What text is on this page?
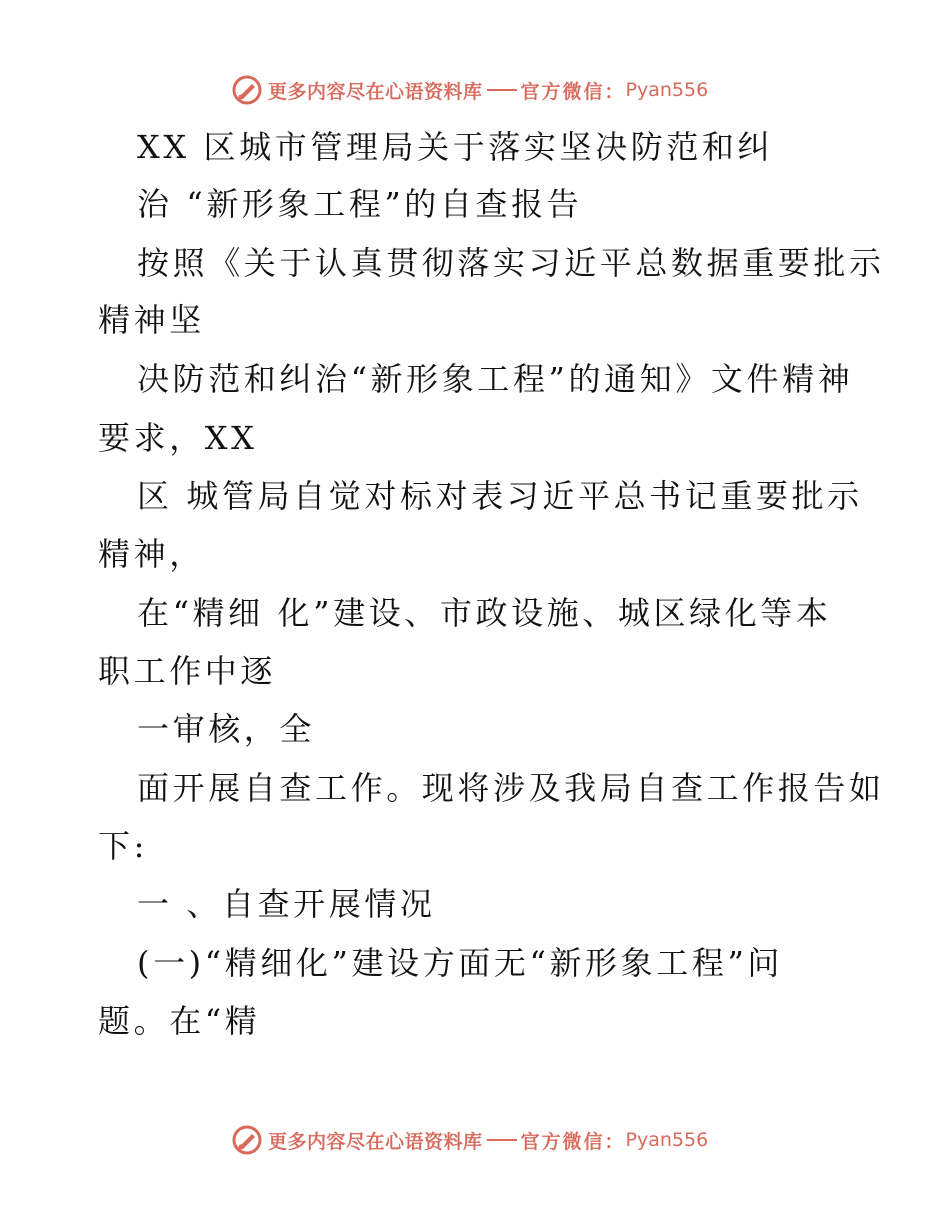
更多内容尽在心语资料库 官方微信： Pyan556
XX 区城市管理局关于落实坚决防范和纠
治 “新形象工程”的自查报告
按照《关于认真贯彻落实习近平总数据重要批示
精神坚
决防范和纠治“新形象工程”的通知》文件精神
要求，XX
区 城管局自觉对标对表习近平总书记重要批示
精神，
在“精细 化”建设、市政设施、城区绿化等本
职工作中逐
一审核，全
面开展自查工作。现将涉及我局自查工作报告如
下:
一 、自查开展情况
(一)“精细化”建设方面无“新形象工程”问
题。在“精
更多内容尽在心语资料库 官方微信： Pyan556
